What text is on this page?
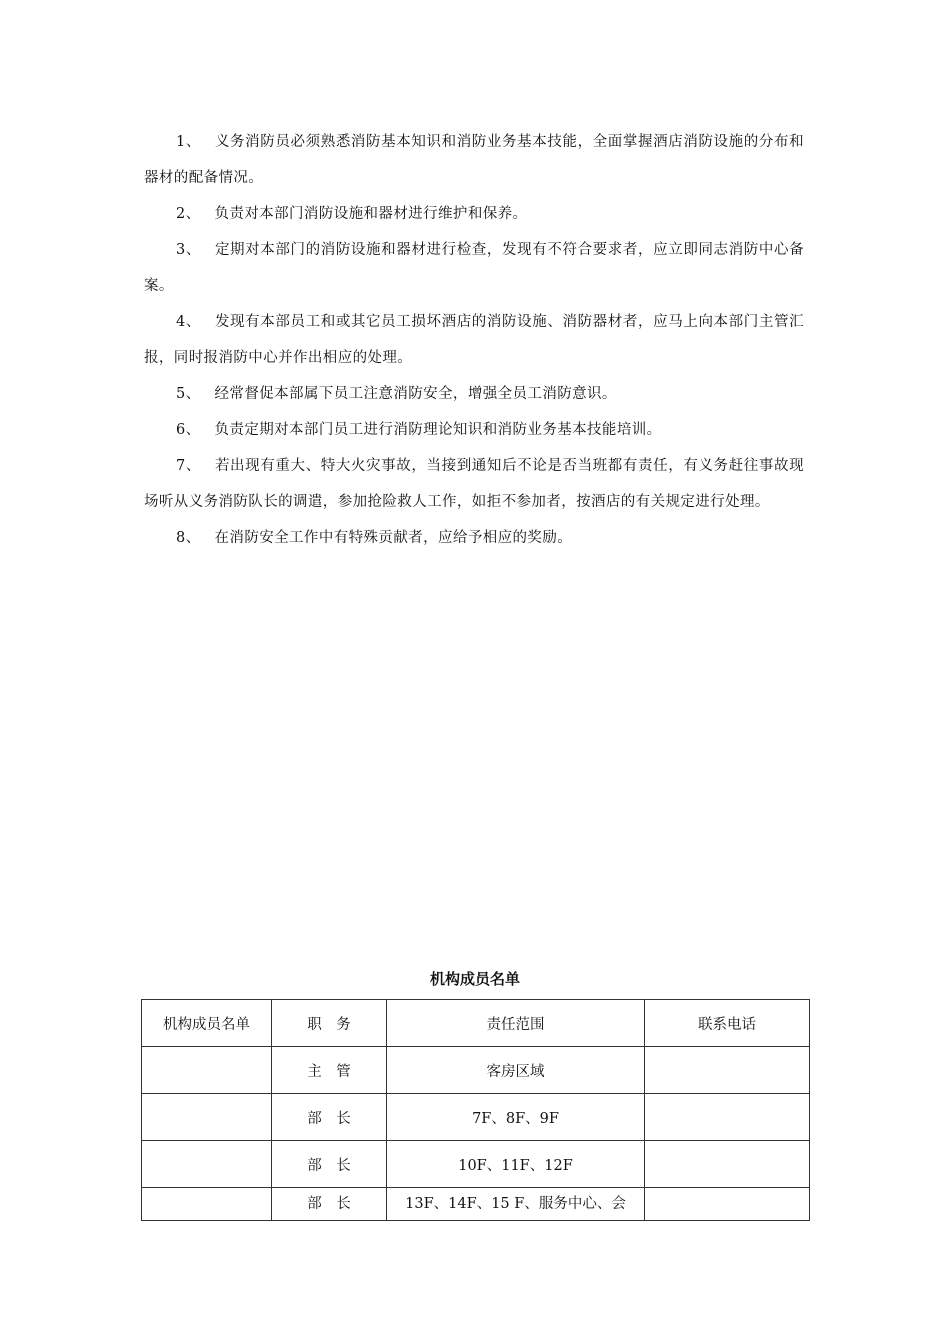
1、 义务消防员必须熟悉消防基本知识和消防业务基本技能，全面掌握酒店消防设施的分布和器材的配备情况。

2、 负责对本部门消防设施和器材进行维护和保养。

3、 定期对本部门的消防设施和器材进行检查，发现有不符合要求者，应立即同志消防中心备案。

4、 发现有本部员工和或其它员工损坏酒店的消防设施、消防器材者，应马上向本部门主管汇报，同时报消防中心并作出相应的处理。

5、 经常督促本部属下员工注意消防安全，增强全员工消防意识。

6、 负责定期对本部门员工进行消防理论知识和消防业务基本技能培训。

7、 若出现有重大、特大火灾事故，当接到通知后不论是否当班都有责任，有义务赶往事故现场听从义务消防队长的调遣，参加抢险救人工作，如拒不参加者，按酒店的有关规定进行处理。

8、 在消防安全工作中有特殊贡献者，应给予相应的奖励。

机构成员名单
机构成员名单	职　务	责任范围	联系电话
	主　管	客房区域	
	部　长	7F、8F、9F	
	部　长	10F、11F、12F	
	部　长	13F、14F、15 F、服务中心、会	
